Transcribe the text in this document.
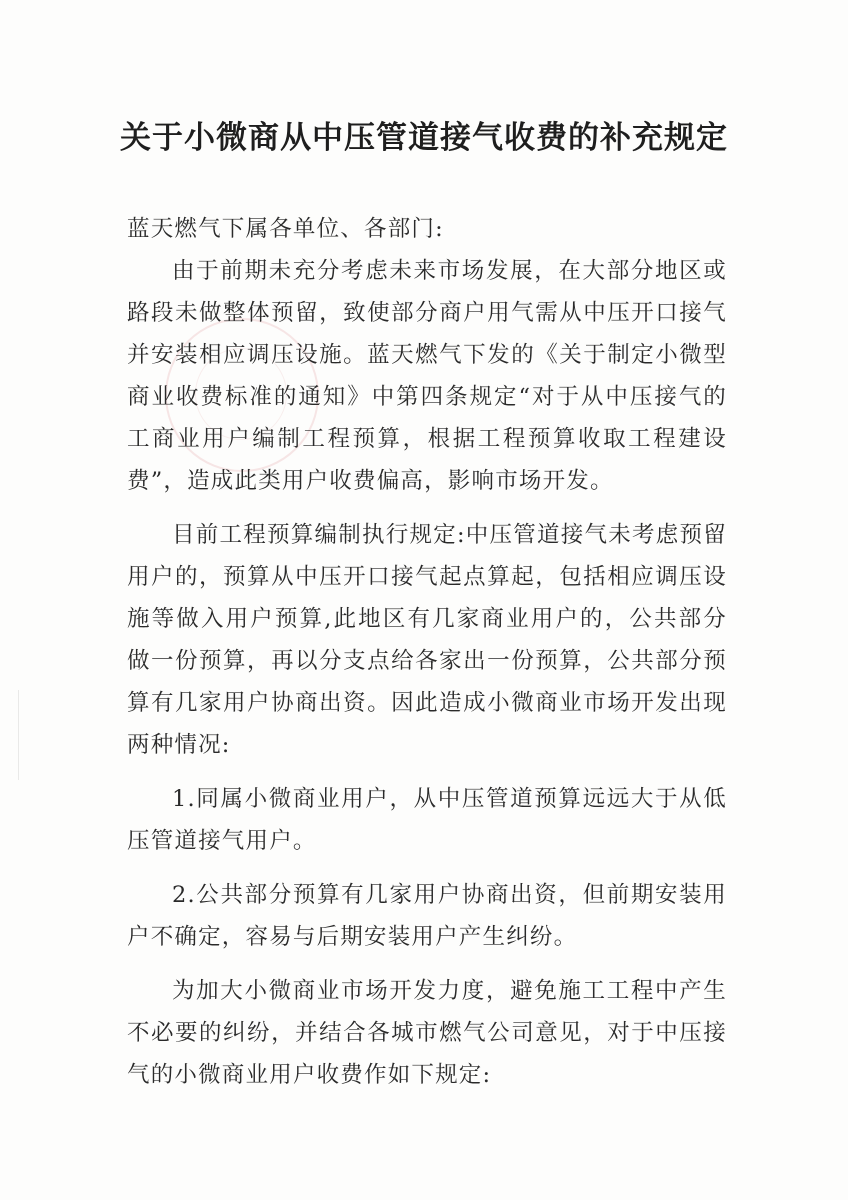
关于小微商从中压管道接气收费的补充规定

蓝天燃气下属各单位、各部门:

由于前期未充分考虑未来市场发展，在大部分地区或路段未做整体预留，致使部分商户用气需从中压开口接气并安装相应调压设施。蓝天燃气下发的《关于制定小微型商业收费标准的通知》中第四条规定“对于从中压接气的工商业用户编制工程预算，根据工程预算收取工程建设费”，造成此类用户收费偏高，影响市场开发。

目前工程预算编制执行规定:中压管道接气未考虑预留用户的，预算从中压开口接气起点算起，包括相应调压设施等做入用户预算,此地区有几家商业用户的，公共部分做一份预算，再以分支点给各家出一份预算，公共部分预算有几家用户协商出资。因此造成小微商业市场开发出现两种情况:

1.同属小微商业用户，从中压管道预算远远大于从低压管道接气用户。

2.公共部分预算有几家用户协商出资，但前期安装用户不确定，容易与后期安装用户产生纠纷。

为加大小微商业市场开发力度，避免施工工程中产生不必要的纠纷，并结合各城市燃气公司意见，对于中压接气的小微商业用户收费作如下规定:
